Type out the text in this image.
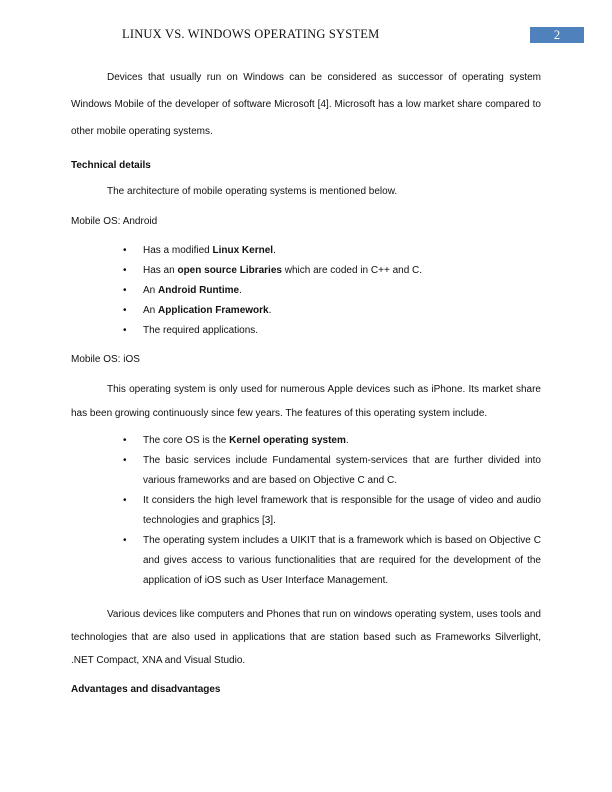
LINUX VS. WINDOWS OPERATING SYSTEM	2

Devices that usually run on Windows can be considered as successor of operating system Windows Mobile of the developer of software Microsoft [4]. Microsoft has a low market share compared to other mobile operating systems.

Technical details

The architecture of mobile operating systems is mentioned below.

Mobile OS: Android

• Has a modified Linux Kernel.
• Has an open source Libraries which are coded in C++ and C.
• An Android Runtime.
• An Application Framework.
• The required applications.

Mobile OS: iOS

This operating system is only used for numerous Apple devices such as iPhone. Its market share has been growing continuously since few years. The features of this operating system include.

• The core OS is the Kernel operating system.
• The basic services include Fundamental system-services that are further divided into various frameworks and are based on Objective C and C.
• It considers the high level framework that is responsible for the usage of video and audio technologies and graphics [3].
• The operating system includes a UIKIT that is a framework which is based on Objective C and gives access to various functionalities that are required for the development of the application of iOS such as User Interface Management.

Various devices like computers and Phones that run on windows operating system, uses tools and technologies that are also used in applications that are station based such as Frameworks Silverlight, .NET Compact, XNA and Visual Studio.

Advantages and disadvantages
